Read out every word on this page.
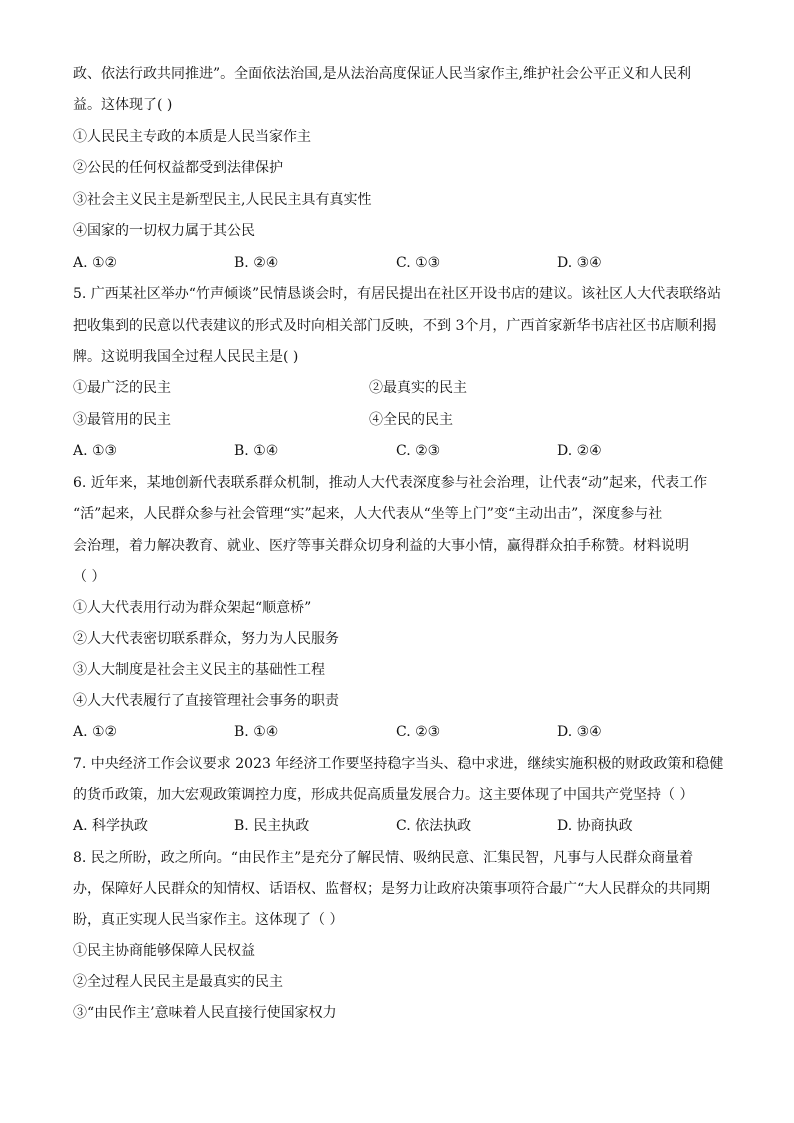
政、依法行政共同推进”。全面依法治国,是从法治高度保证人民当家作主,维护社会公平正义和人民利
益。这体现了( )
①人民民主专政的本质是人民当家作主
②公民的任何权益都受到法律保护
③社会主义民主是新型民主,人民民主具有真实性
④国家的一切权力属于其公民
A. ①②	B. ②④	C. ①③	D. ③④
5. 广西某社区举办“竹声倾谈”民情恳谈会时，有居民提出在社区开设书店的建议。该社区人大代表联络站
把收集到的民意以代表建议的形式及时向相关部门反映，不到 3个月，广西首家新华书店社区书店顺利揭
牌。这说明我国全过程人民民主是( )
①最广泛的民主	②最真实的民主
③最管用的民主	④全民的民主
A. ①③	B. ①④	C. ②③	D. ②④
6. 近年来，某地创新代表联系群众机制，推动人大代表深度参与社会治理，让代表“动”起来，代表工作
“活”起来，人民群众参与社会管理“实”起来，人大代表从“坐等上门”变“主动出击”，深度参与社
会治理，着力解决教育、就业、医疗等事关群众切身利益的大事小情，赢得群众拍手称赞。材料说明
（ ）
①人大代表用行动为群众架起“顺意桥”
②人大代表密切联系群众，努力为人民服务
③人大制度是社会主义民主的基础性工程
④人大代表履行了直接管理社会事务的职责
A. ①②	B. ①④	C. ②③	D. ③④
7. 中央经济工作会议要求 2023 年经济工作要坚持稳字当头、稳中求进，继续实施积极的财政政策和稳健
的货币政策，加大宏观政策调控力度，形成共促高质量发展合力。这主要体现了中国共产党坚持（ ）
A. 科学执政	B. 民主执政	C. 依法执政	D. 协商执政
8. 民之所盼，政之所向。“由民作主”是充分了解民情、吸纳民意、汇集民智，凡事与人民群众商量着
办，保障好人民群众的知情权、话语权、监督权；是努力让政府决策事项符合最广“大人民群众的共同期
盼，真正实现人民当家作主。这体现了（ ）
①民主协商能够保障人民权益
②全过程人民民主是最真实的民主
③“由民作主’意味着人民直接行使国家权力
